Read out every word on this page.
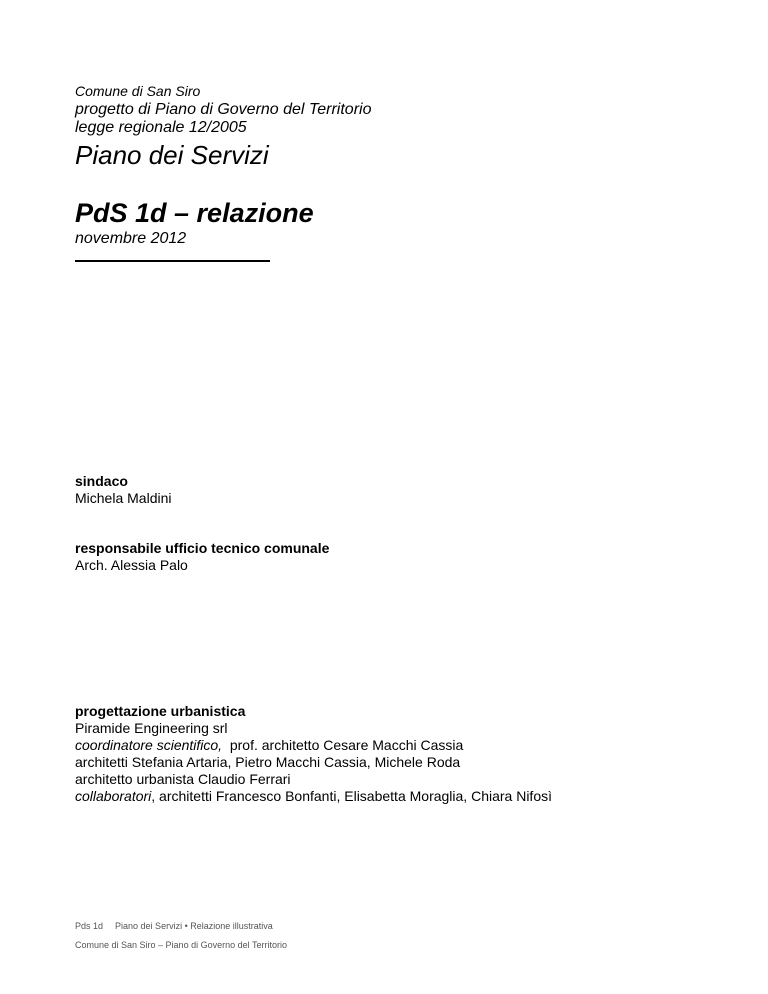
Comune di San Siro
progetto di Piano di Governo del Territorio
legge regionale 12/2005
Piano dei Servizi
PdS 1d – relazione
novembre 2012
sindaco
Michela Maldini
responsabile ufficio tecnico comunale
Arch. Alessia Palo
progettazione urbanistica
Piramide Engineering srl
coordinatore scientifico, prof. architetto Cesare Macchi Cassia
architetti Stefania Artaria, Pietro Macchi Cassia, Michele Roda
architetto urbanista Claudio Ferrari
collaboratori, architetti Francesco Bonfanti, Elisabetta Moraglia, Chiara Nifosì
Pds 1d Piano dei Servizi • Relazione illustrativa
Comune di San Siro – Piano di Governo del Territorio
